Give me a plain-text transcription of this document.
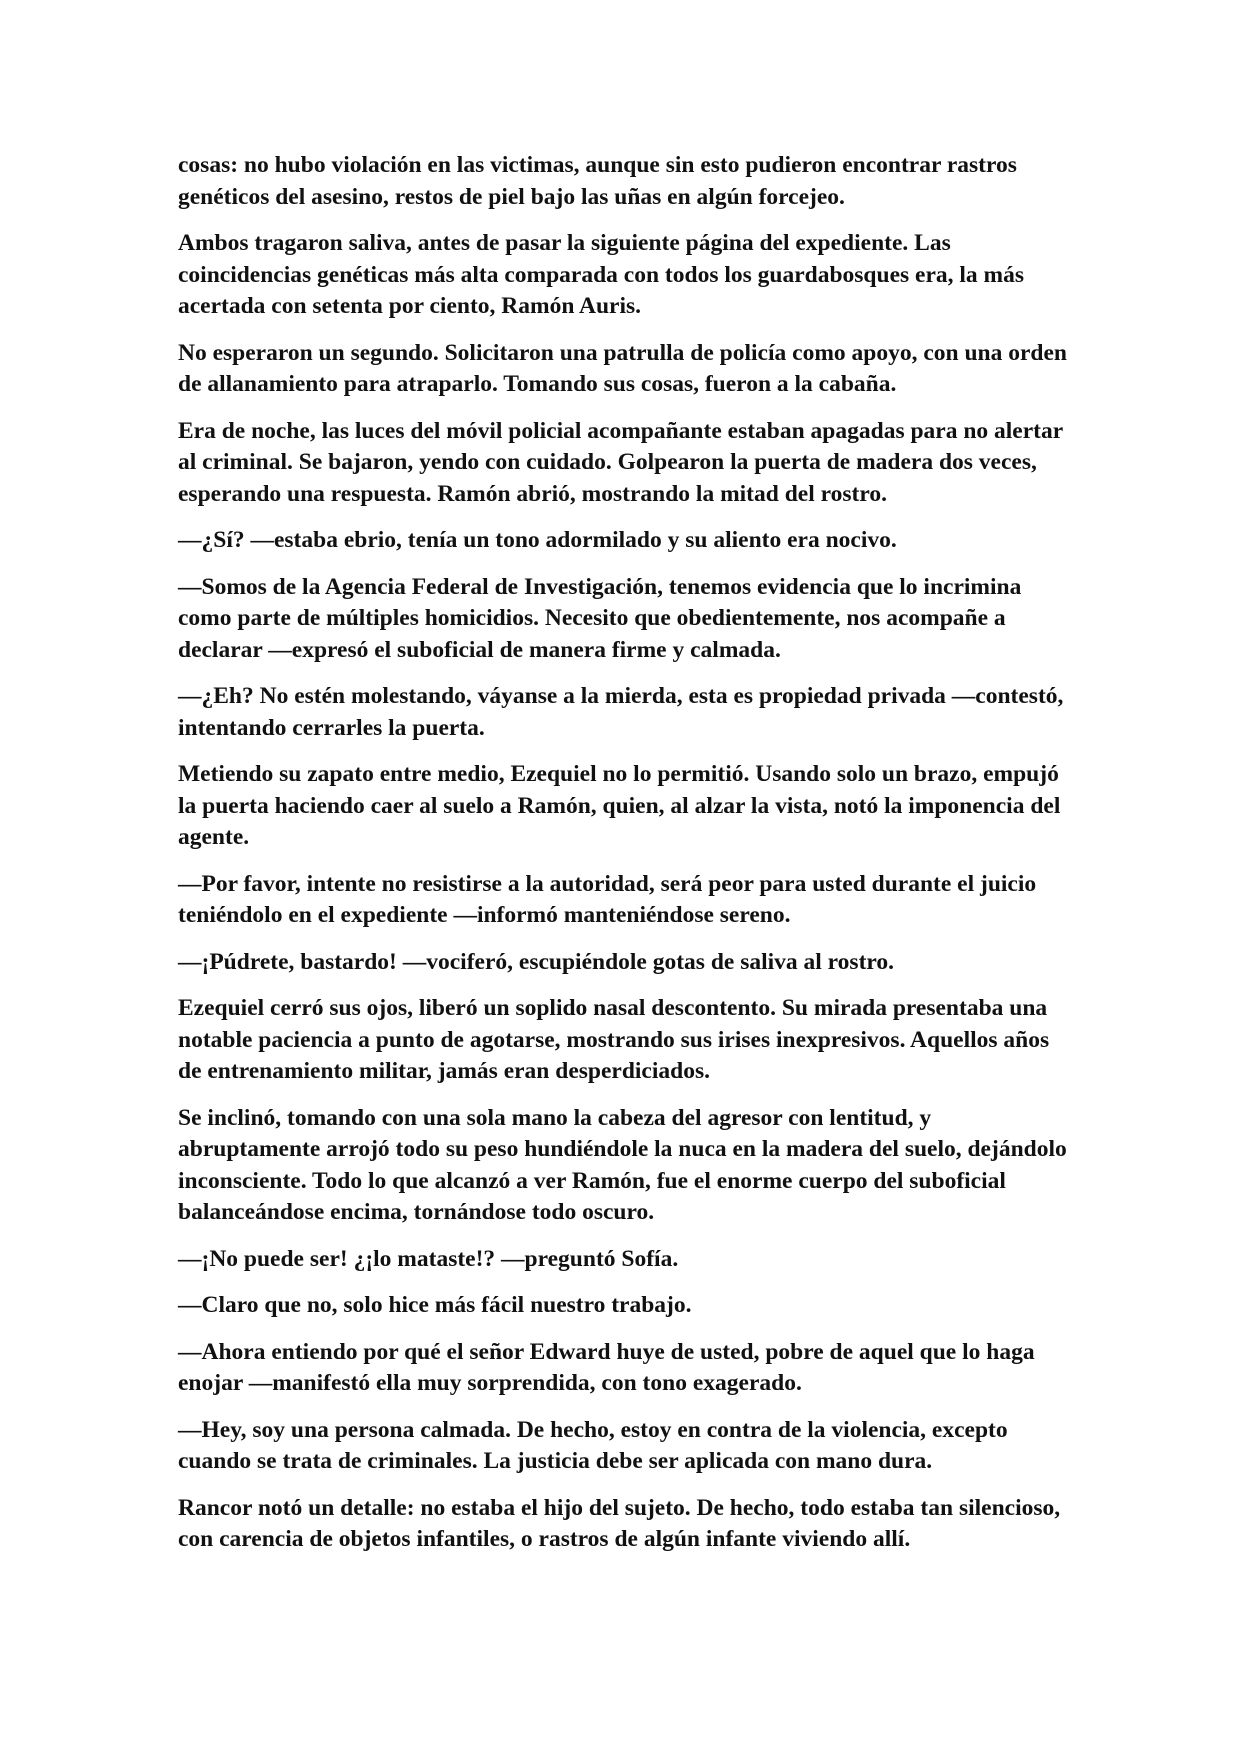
cosas: no hubo violación en las victimas, aunque sin esto pudieron encontrar rastros genéticos del asesino, restos de piel bajo las uñas en algún forcejeo.

Ambos tragaron saliva, antes de pasar la siguiente página del expediente. Las coincidencias genéticas más alta comparada con todos los guardabosques era, la más acertada con setenta por ciento, Ramón Auris.

No esperaron un segundo. Solicitaron una patrulla de policía como apoyo, con una orden de allanamiento para atraparlo. Tomando sus cosas, fueron a la cabaña.

Era de noche, las luces del móvil policial acompañante estaban apagadas para no alertar al criminal. Se bajaron, yendo con cuidado. Golpearon la puerta de madera dos veces, esperando una respuesta. Ramón abrió, mostrando la mitad del rostro.

—¿Sí? —estaba ebrio, tenía un tono adormilado y su aliento era nocivo.

—Somos de la Agencia Federal de Investigación, tenemos evidencia que lo incrimina como parte de múltiples homicidios. Necesito que obedientemente, nos acompañe a declarar —expresó el suboficial de manera firme y calmada.

—¿Eh? No estén molestando, váyanse a la mierda, esta es propiedad privada —contestó, intentando cerrarles la puerta.

Metiendo su zapato entre medio, Ezequiel no lo permitió. Usando solo un brazo, empujó la puerta haciendo caer al suelo a Ramón, quien, al alzar la vista, notó la imponencia del agente.

—Por favor, intente no resistirse a la autoridad, será peor para usted durante el juicio teniéndolo en el expediente —informó manteniéndose sereno.

—¡Púdrete, bastardo! —vociferó, escupiéndole gotas de saliva al rostro.

Ezequiel cerró sus ojos, liberó un soplido nasal descontento. Su mirada presentaba una notable paciencia a punto de agotarse, mostrando sus irises inexpresivos. Aquellos años de entrenamiento militar, jamás eran desperdiciados.

Se inclinó, tomando con una sola mano la cabeza del agresor con lentitud, y abruptamente arrojó todo su peso hundiéndole la nuca en la madera del suelo, dejándolo inconsciente. Todo lo que alcanzó a ver Ramón, fue el enorme cuerpo del suboficial balanceándose encima, tornándose todo oscuro.

—¡No puede ser! ¿¡lo mataste!? —preguntó Sofía.

—Claro que no, solo hice más fácil nuestro trabajo.

—Ahora entiendo por qué el señor Edward huye de usted, pobre de aquel que lo haga enojar —manifestó ella muy sorprendida, con tono exagerado.

—Hey, soy una persona calmada. De hecho, estoy en contra de la violencia, excepto cuando se trata de criminales. La justicia debe ser aplicada con mano dura.

Rancor notó un detalle: no estaba el hijo del sujeto. De hecho, todo estaba tan silencioso, con carencia de objetos infantiles, o rastros de algún infante viviendo allí.
